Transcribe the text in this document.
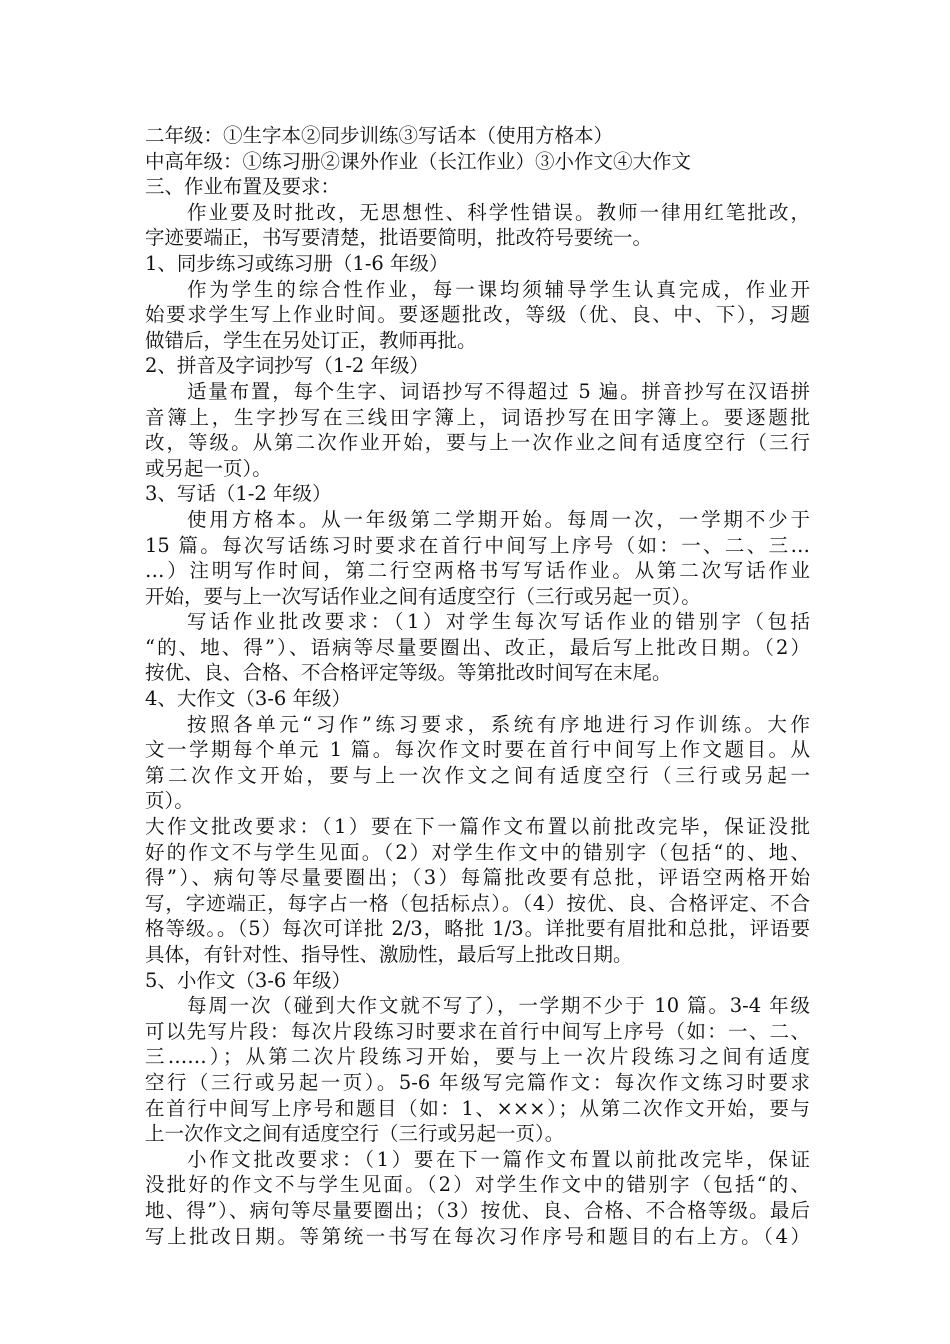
二年级：①生字本②同步训练③写话本（使用方格本）
中高年级：①练习册②课外作业（长江作业）③小作文④大作文
三、作业布置及要求：
作业要及时批改，无思想性、科学性错误。教师一律用红笔批改，
字迹要端正，书写要清楚，批语要简明，批改符号要统一。
1、同步练习或练习册（1-6 年级）
作为学生的综合性作业，每一课均须辅导学生认真完成，作业开
始要求学生写上作业时间。要逐题批改，等级（优、良、中、下），习题
做错后，学生在另处订正，教师再批。
2、拼音及字词抄写（1-2 年级）
适量布置，每个生字、词语抄写不得超过 5 遍。拼音抄写在汉语拼
音簿上，生字抄写在三线田字簿上，词语抄写在田字簿上。要逐题批
改，等级。从第二次作业开始，要与上一次作业之间有适度空行（三行
或另起一页）。
3、写话（1-2 年级）
使用方格本。从一年级第二学期开始。每周一次，一学期不少于
15 篇。每次写话练习时要求在首行中间写上序号（如：一、二、三…
…）注明写作时间，第二行空两格书写写话作业。从第二次写话作业
开始，要与上一次写话作业之间有适度空行（三行或另起一页）。
写话作业批改要求：（1）对学生每次写话作业的错别字（包括
“的、地、得”）、语病等尽量要圈出、改正，最后写上批改日期。（2）
按优、良、合格、不合格评定等级。等第批改时间写在末尾。
4、大作文（3-6 年级）
按照各单元“习作”练习要求，系统有序地进行习作训练。大作
文一学期每个单元 1 篇。每次作文时要在首行中间写上作文题目。从
第二次作文开始，要与上一次作文之间有适度空行（三行或另起一
页）。
大作文批改要求：（1）要在下一篇作文布置以前批改完毕，保证没批
好的作文不与学生见面。（2）对学生作文中的错别字（包括“的、地、
得”）、病句等尽量要圈出；（3）每篇批改要有总批，评语空两格开始
写，字迹端正，每字占一格（包括标点）。（4）按优、良、合格评定、不合
格等级。。（5）每次可详批 2/3，略批 1/3。详批要有眉批和总批，评语要
具体，有针对性、指导性、激励性，最后写上批改日期。
5、小作文（3-6 年级）
每周一次（碰到大作文就不写了），一学期不少于 10 篇。3-4 年级
可以先写片段：每次片段练习时要求在首行中间写上序号（如：一、二、
三……）；从第二次片段练习开始，要与上一次片段练习之间有适度
空行（三行或另起一页）。5-6 年级写完篇作文：每次作文练习时要求
在首行中间写上序号和题目（如：1、×××）；从第二次作文开始，要与
上一次作文之间有适度空行（三行或另起一页）。
小作文批改要求：（1）要在下一篇作文布置以前批改完毕，保证
没批好的作文不与学生见面。（2）对学生作文中的错别字（包括“的、
地、得”）、病句等尽量要圈出；（3）按优、良、合格、不合格等级。最后
写上批改日期。等第统一书写在每次习作序号和题目的右上方。（4）
